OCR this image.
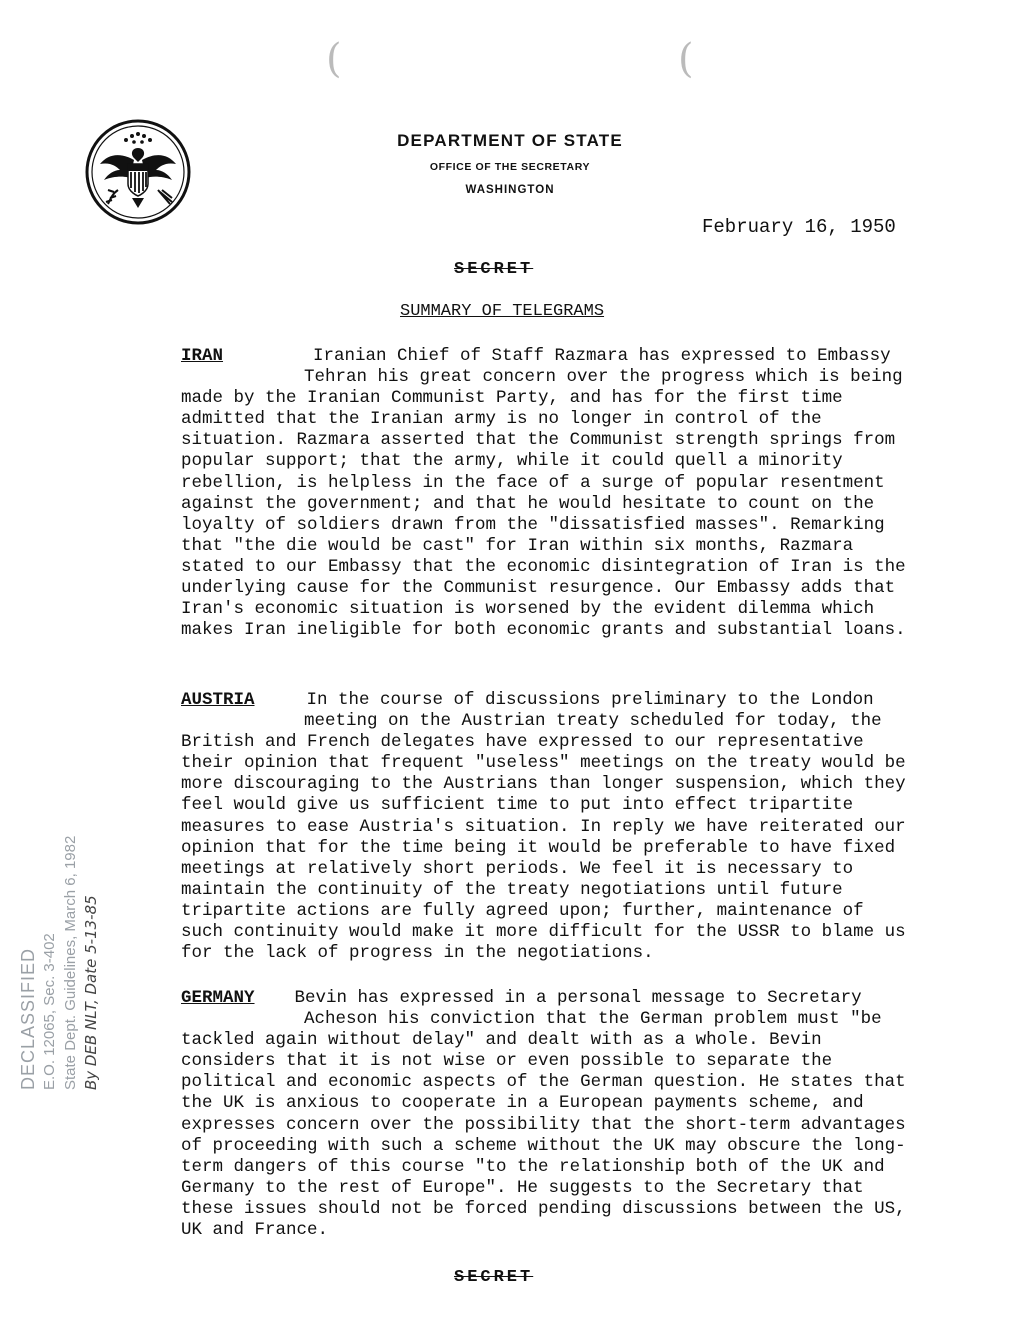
(	(
DEPARTMENT OF STATE
OFFICE OF THE SECRETARY
WASHINGTON
February 16, 1950
SECRET
SUMMARY OF TELEGRAMS

IRAN	Iranian Chief of Staff Razmara has expressed to Embassy

Tehran his great concern over the progress which is being made by the Iranian Communist Party, and has for the first time admitted that the Iranian army is no longer in control of the situation. Razmara asserted that the Communist strength springs from popular support; that the army, while it could quell a minority rebellion, is helpless in the face of a surge of popular resentment against the government; and that he would hesitate to count on the loyalty of soldiers drawn from the "dissatisfied masses". Remarking that "the die would be cast" for Iran within six months, Razmara stated to our Embassy that the economic disintegration of Iran is the underlying cause for the Communist resurgence. Our Embassy adds that Iran's economic situation is worsened by the evident dilemma which makes Iran ineligible for both economic grants and substantial loans.

AUSTRIA	In the course of discussions preliminary to the London

meeting on the Austrian treaty scheduled for today, the British and French delegates have expressed to our representative their opinion that frequent "useless" meetings on the treaty would be more discouraging to the Austrians than longer suspension, which they feel would give us sufficient time to put into effect tripartite measures to ease Austria's situation. In reply we have reiterated our opinion that for the time being it would be preferable to have fixed meetings at relatively short periods. We feel it is necessary to maintain the continuity of the treaty negotiations until future tripartite actions are fully agreed upon; further, maintenance of such continuity would make it more difficult for the USSR to blame us for the lack of progress in the negotiations.

GERMANY Bevin has expressed in a personal message to Secretary

Acheson his conviction that the German problem must "be tackled again without delay" and dealt with as a whole. Bevin considers that it is not wise or even possible to separate the political and economic aspects of the German question. He states that the UK is anxious to cooperate in a European payments scheme, and expresses concern over the possibility that the short-term advantages of proceeding with such a scheme without the UK may obscure the long-term dangers of this course "to the relationship both of the UK and Germany to the rest of Europe". He suggests to the Secretary that these issues should not be forced pending discussions between the US, UK and France.

SECRET
DECLASSIFIED E.O. 12065, Sec. 3-402 State Dept. Guidelines, March 6, 1982 By DEB NLT, Date 5-13-85
